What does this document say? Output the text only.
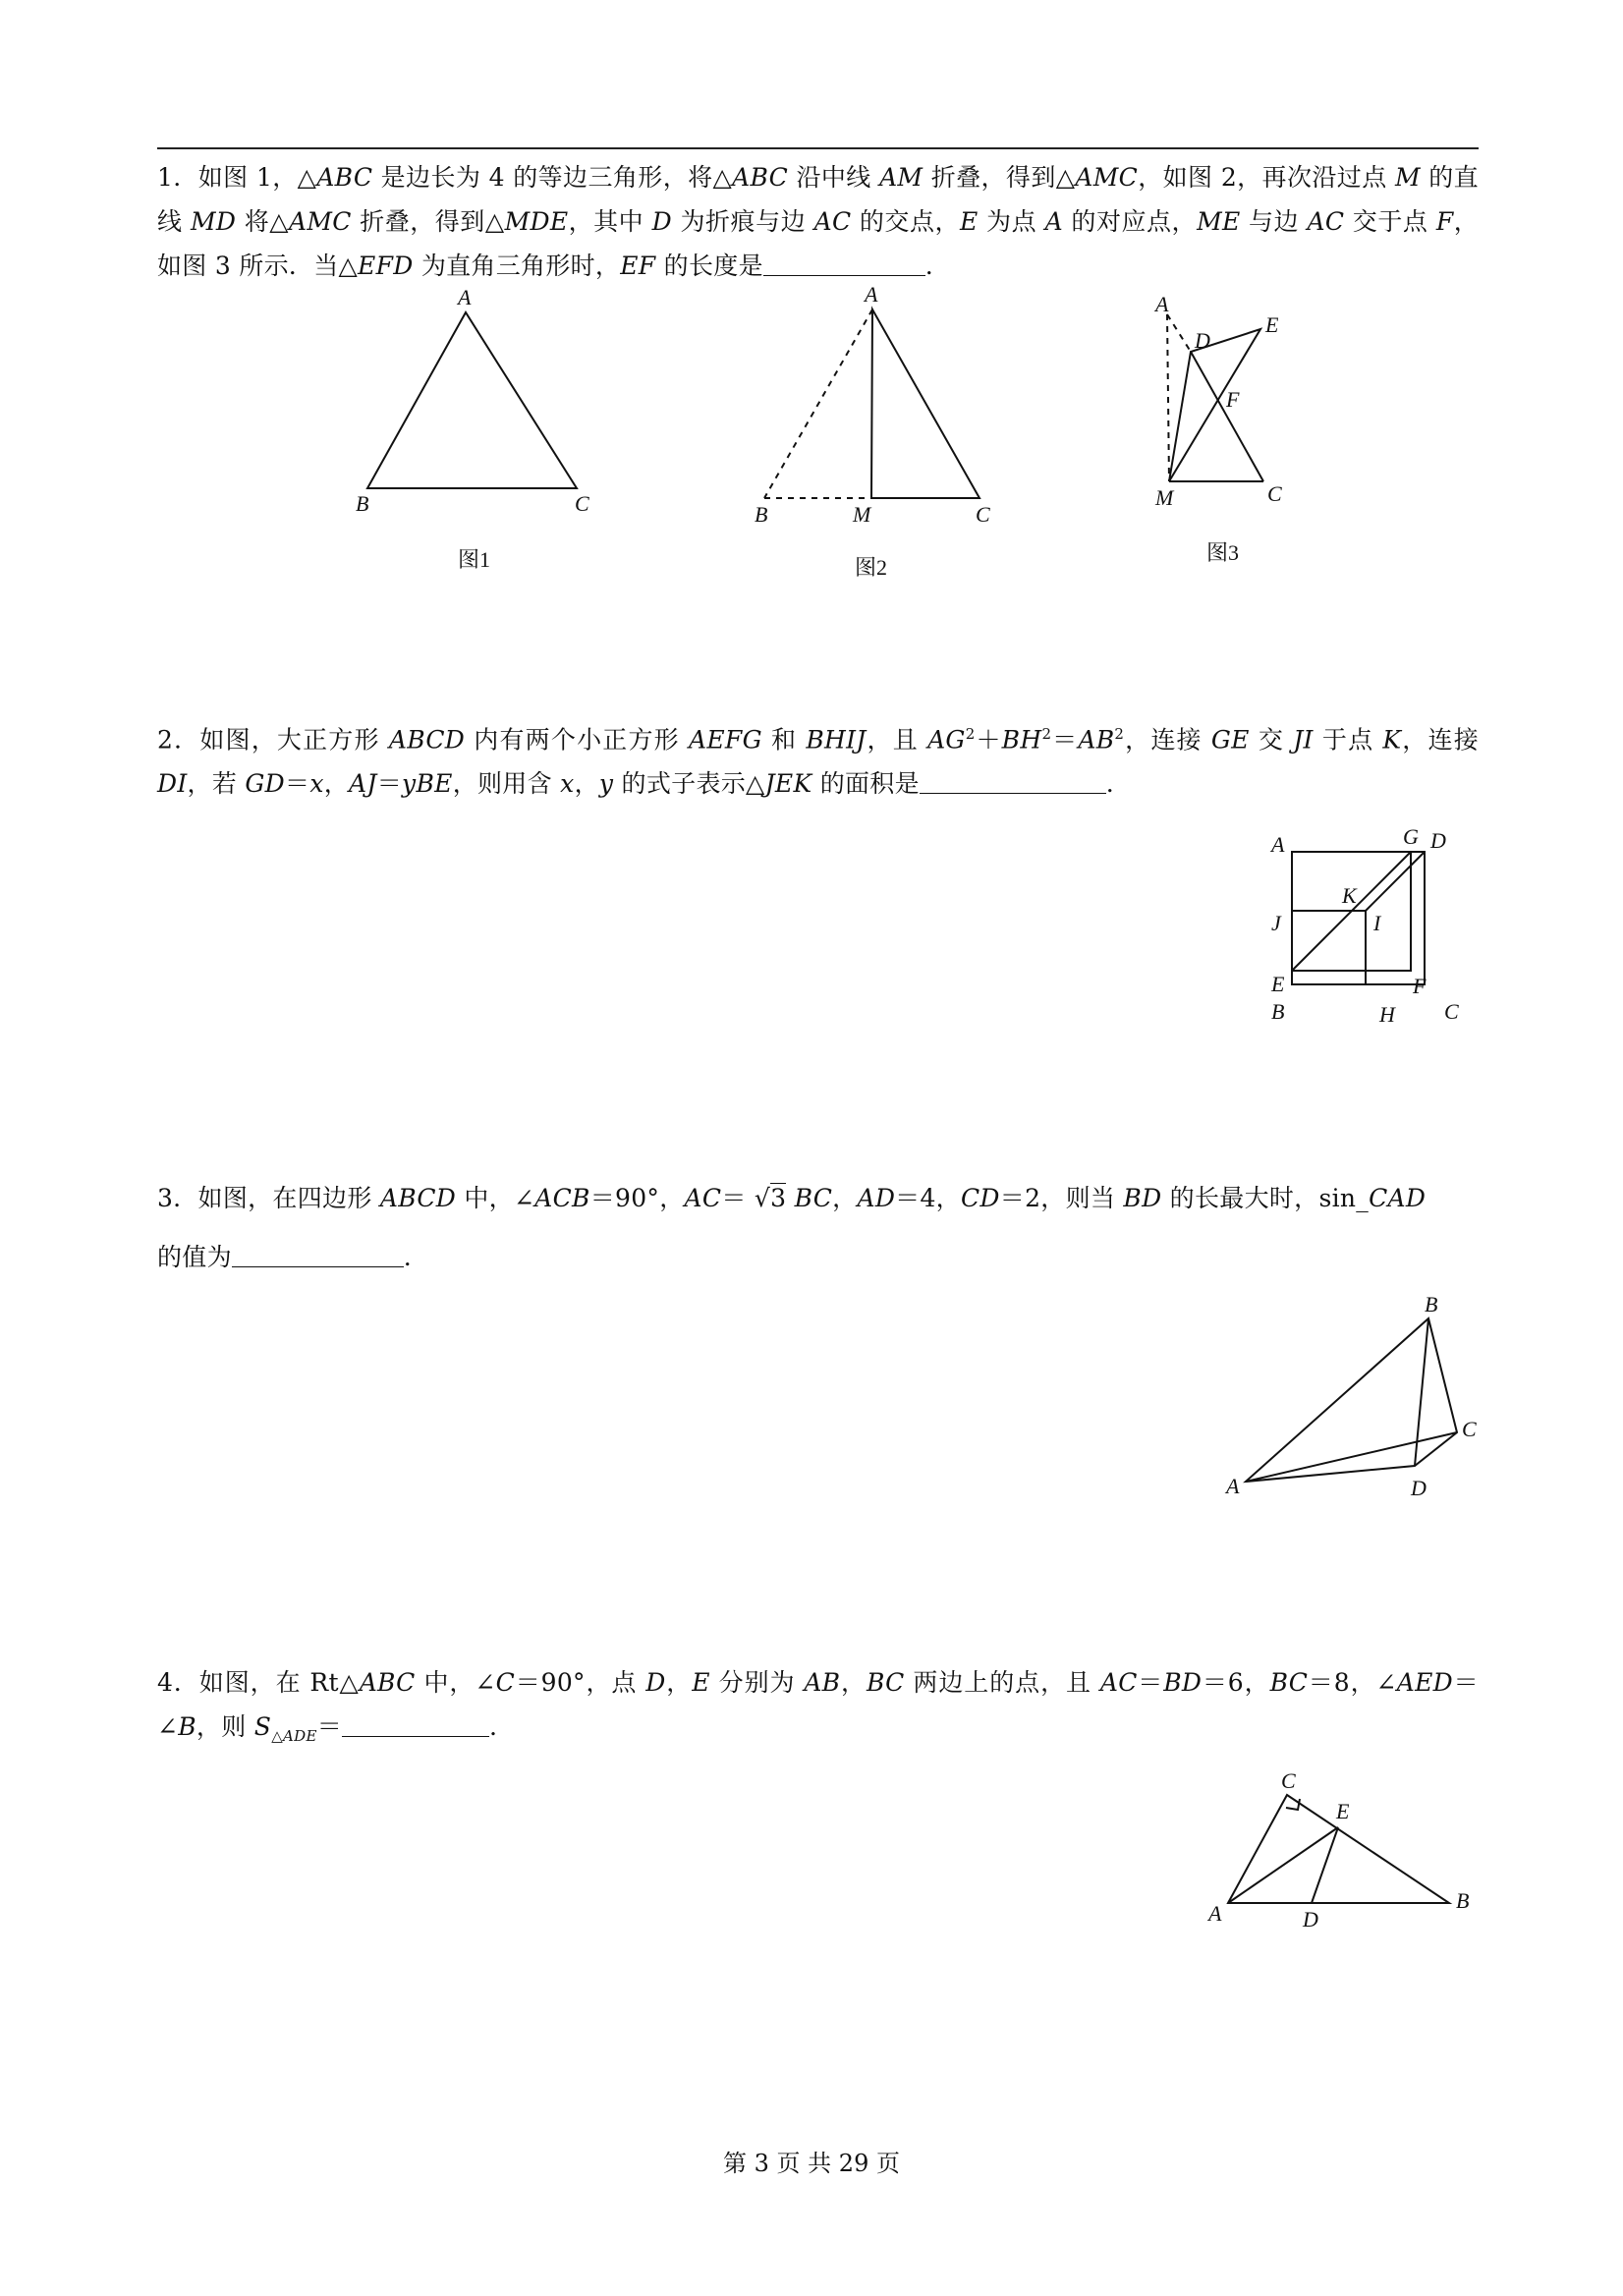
1．如图 1，△ABC 是边长为 4 的等边三角形，将△ABC 沿中线 AM 折叠，得到△AMC，如图 2，再次沿过点 M 的直线 MD 将△AMC 折叠，得到△MDE，其中 D 为折痕与边 AC 的交点，E 为点 A 的对应点，ME 与边 AC 交于点 F，如图 3 所示．当△EFD 为直角三角形时，EF 的长度是	．
A
B	C
图1
A
B	M	C
图2
A
D
E
F
M	C
图3
2．如图，大正方形 ABCD 内有两个小正方形 AEFG 和 BHIJ，且 $AG^2+BH^2=AB^2$，连接 GE 交 JI 于点 K，连接 DI，若 GD＝x，AJ＝yBE，则用含 x，y 的式子表示△JEK 的面积是	．
A	G D
K
J	I
E	F
B	H C
3．如图，在四边形 ABCD 中，∠ACB＝90°，AC＝ √3 BC，AD＝4，CD＝2，则当 BD 的长最大时，sin_CAD
的值为	．
B
C
A	D
4．如图，在 Rt△ABC 中，∠C＝90°，点 D，E 分别为 AB，BC 两边上的点，且 AC＝BD＝6，BC＝8，∠AED＝∠B，则 $S_{\triangle ADE}=$	．
C
E
A	D
B
第 3 页 共 29 页
